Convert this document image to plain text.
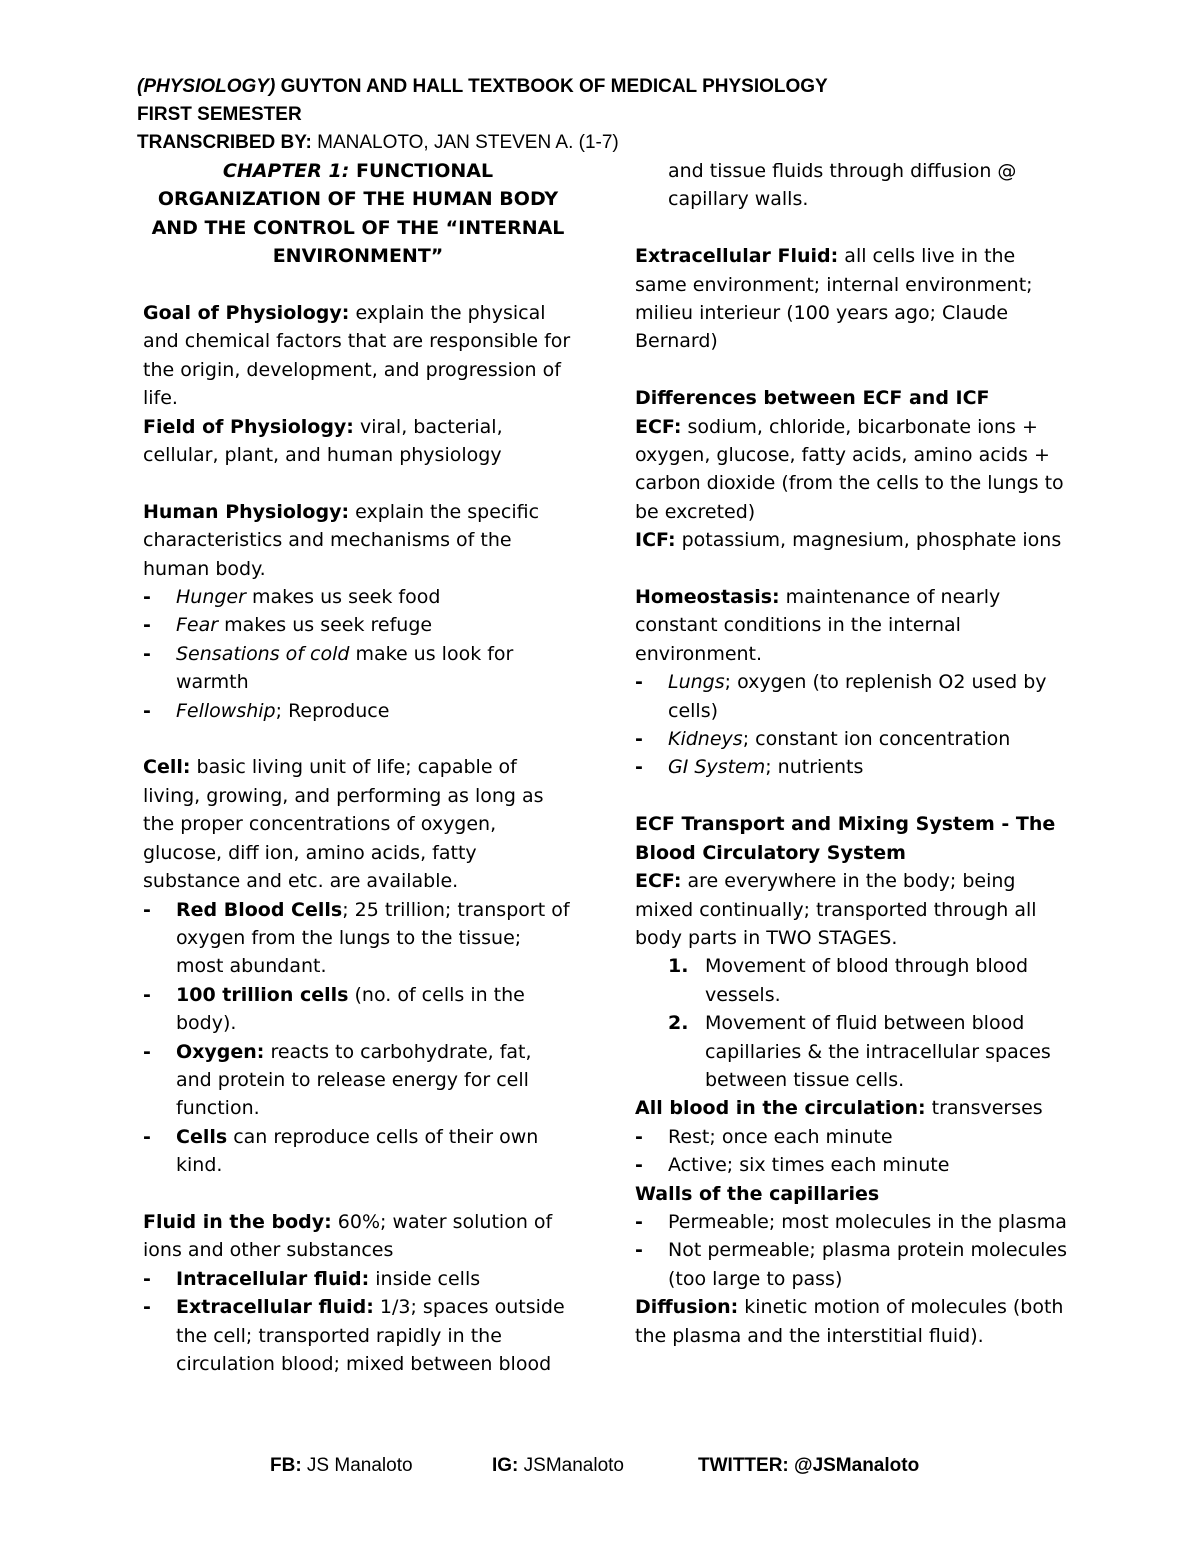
(PHYSIOLOGY) GUYTON AND HALL TEXTBOOK OF MEDICAL PHYSIOLOGY
FIRST SEMESTER
TRANSCRIBED BY: MANALOTO, JAN STEVEN A. (1-7)

CHAPTER 1: FUNCTIONAL ORGANIZATION OF THE HUMAN BODY AND THE CONTROL OF THE “INTERNAL ENVIRONMENT”

Goal of Physiology: explain the physical and chemical factors that are responsible for the origin, development, and progression of life.

Field of Physiology: viral, bacterial, cellular, plant, and human physiology

Human Physiology: explain the specific characteristics and mechanisms of the human body.

- Hunger makes us seek food
- Fear makes us seek refuge
- Sensations of cold make us look for warmth
- Fellowship; Reproduce

Cell: basic living unit of life; capable of living, growing, and performing as long as the proper concentrations of oxygen, glucose, diff ion, amino acids, fatty substance and etc. are available.

- Red Blood Cells; 25 trillion; transport of oxygen from the lungs to the tissue; most abundant.
- 100 trillion cells (no. of cells in the body).
- Oxygen: reacts to carbohydrate, fat, and protein to release energy for cell function.
- Cells can reproduce cells of their own kind.

Fluid in the body: 60%; water solution of ions and other substances

- Intracellular fluid: inside cells
- Extracellular fluid: 1/3; spaces outside the cell; transported rapidly in the circulation blood; mixed between blood

and tissue fluids through diffusion @ capillary walls.

Extracellular Fluid: all cells live in the same environment; internal environment; milieu interieur (100 years ago; Claude Bernard)

Differences between ECF and ICF

ECF: sodium, chloride, bicarbonate ions + oxygen, glucose, fatty acids, amino acids + carbon dioxide (from the cells to the lungs to be excreted)

ICF: potassium, magnesium, phosphate ions

Homeostasis: maintenance of nearly constant conditions in the internal environment.

- Lungs; oxygen (to replenish O2 used by cells)
- Kidneys; constant ion concentration
- GI System; nutrients

ECF Transport and Mixing System - The Blood Circulatory System

ECF: are everywhere in the body; being mixed continually; transported through all body parts in TWO STAGES.

1. Movement of blood through blood vessels.
2. Movement of fluid between blood capillaries & the intracellular spaces between tissue cells.

All blood in the circulation: transverses

- Rest; once each minute
- Active; six times each minute

Walls of the capillaries

- Permeable; most molecules in the plasma
- Not permeable; plasma protein molecules (too large to pass)

Diffusion: kinetic motion of molecules (both the plasma and the interstitial fluid).

FB: JS Manaloto	IG: JSManaloto	TWITTER: @JSManaloto
